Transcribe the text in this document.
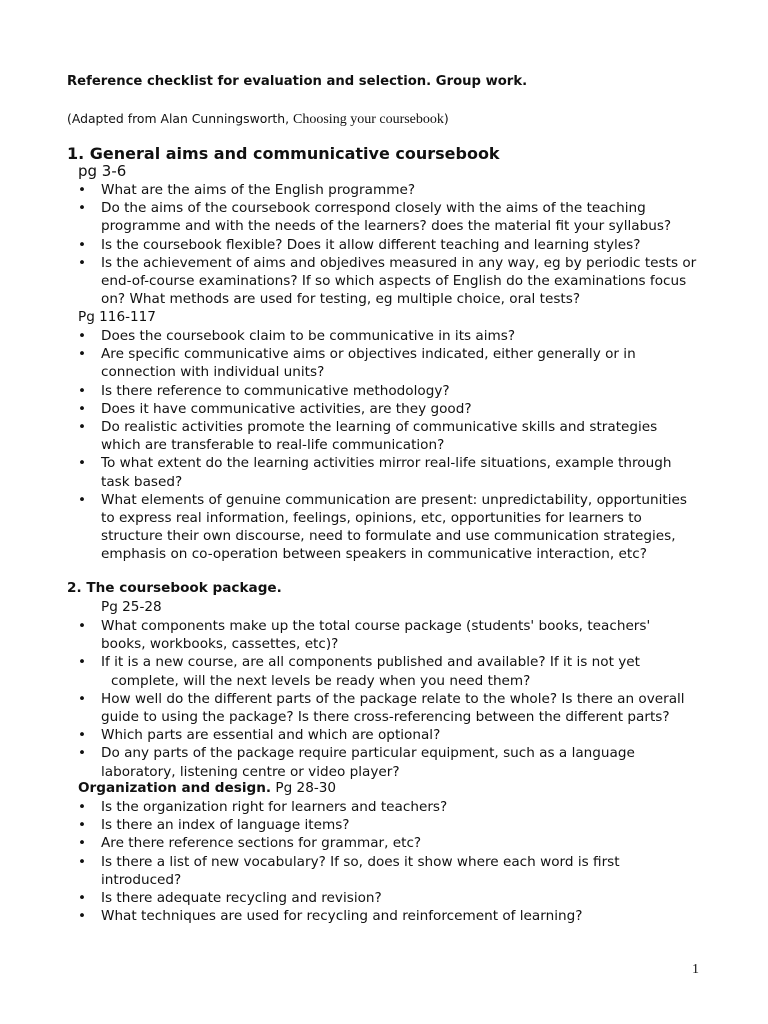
Reference checklist for evaluation and selection. Group work.
(Adapted from Alan Cunningsworth, Choosing your coursebook)
1. General aims and communicative coursebook
pg 3-6
• What are the aims of the English programme?
• Do the aims of the coursebook correspond closely with the aims of the teaching programme and with the needs of the learners? does the material fit your syllabus?
• Is the coursebook flexible? Does it allow different teaching and learning styles?
• Is the achievement of aims and objedives measured in any way, eg by periodic tests or end-of-course examinations? If so which aspects of English do the examinations focus on? What methods are used for testing, eg multiple choice, oral tests?
Pg 116-117
• Does the coursebook claim to be communicative in its aims?
• Are specific communicative aims or objectives indicated, either generally or in connection with individual units?
• Is there reference to communicative methodology?
• Does it have communicative activities, are they good?
• Do realistic activities promote the learning of communicative skills and strategies which are transferable to real-life communication?
• To what extent do the learning activities mirror real-life situations, example through task based?
• What elements of genuine communication are present: unpredictability, opportunities to express real information, feelings, opinions, etc, opportunities for learners to structure their own discourse, need to formulate and use communication strategies, emphasis on co-operation between speakers in communicative interaction, etc?
2. The coursebook package.
Pg 25-28
• What components make up the total course package (students' books, teachers' books, workbooks, cassettes, etc)?
• If it is a new course, are all components published and available? If it is not yet
complete, will the next levels be ready when you need them?
• How well do the different parts of the package relate to the whole? Is there an overall guide to using the package? Is there cross-referencing between the different parts?
• Which parts are essential and which are optional?
• Do any parts of the package require particular equipment, such as a language laboratory, listening centre or video player?
Organization and design. Pg 28-30
• Is the organization right for learners and teachers?
• Is there an index of language items?
• Are there reference sections for grammar, etc?
• Is there a list of new vocabulary? If so, does it show where each word is first introduced?
• Is there adequate recycling and revision?
• What techniques are used for recycling and reinforcement of learning?
1
